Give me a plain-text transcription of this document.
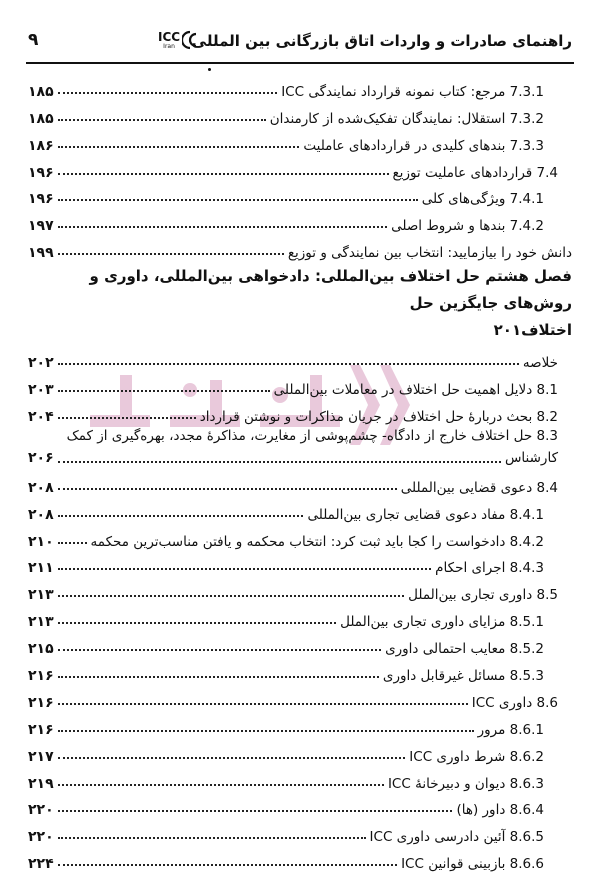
۹	ICC
Iran	راهنمای صادرات و واردات اتاق بازرگانی بین المللی
7.3.1 مرجع: کتاب نمونه قرارداد نمایندگی ICC
۱۸۵
7.3.2 استقلال: نمایندگان تفکیک‌شده از کارمندان
۱۸۵
7.3.3 بندهای کلیدی در قراردادهای عاملیت
۱۸۶
7.4 قراردادهای عاملیت توزیع
۱۹۶
7.4.1 ویژگی‌های کلی
۱۹۶
7.4.2 بندها و شروط اصلی
۱۹۷
دانش خود را بیازمایید: انتخاب بین نمایندگی و توزیع
۱۹۹
فصل هشتم حل اختلاف بین‌المللی: دادخواهی بین‌المللی، داوری و روش‌های جایگزین حل
اختلاف
۲۰۱
خلاصه
۲۰۲
8.1 دلایل اهمیت حل اختلاف در معاملات بین‌المللی
۲۰۳
8.2 بحث دربارهٔ حل اختلاف در جریان مذاکرات و نوشتن قرارداد
۲۰۴
8.3 حل اختلاف خارج از دادگاه- چشم‌پوشی از مغایرت، مذاکرهٔ مجدد، بهره‌گیری از کمک
کارشناس
۲۰۶
8.4 دعوی قضایی بین‌المللی
۲۰۸
8.4.1 مفاد دعوی قضایی تجاری بین‌المللی
۲۰۸
8.4.2 دادخواست را کجا باید ثبت کرد: انتخاب محکمه و یافتن مناسب‌ترین محکمه
۲۱۰
8.4.3 اجرای احکام
۲۱۱
8.5 داوری تجاری بین‌الملل
۲۱۳
8.5.1 مزایای داوری تجاری بین‌الملل
۲۱۳
8.5.2 معایب احتمالی داوری
۲۱۵
8.5.3 مسائل غیرقابل داوری
۲۱۶
8.6 داوری ICC
۲۱۶
8.6.1 مرور
۲۱۶
8.6.2 شرط داوری ICC
۲۱۷
8.6.3 دیوان و دبیرخانهٔ ICC
۲۱۹
8.6.4 داور (ها)
۲۲۰
8.6.5 آئین دادرسی داوری ICC
۲۲۰
8.6.6 بازبینی قوانین ICC
۲۲۴
